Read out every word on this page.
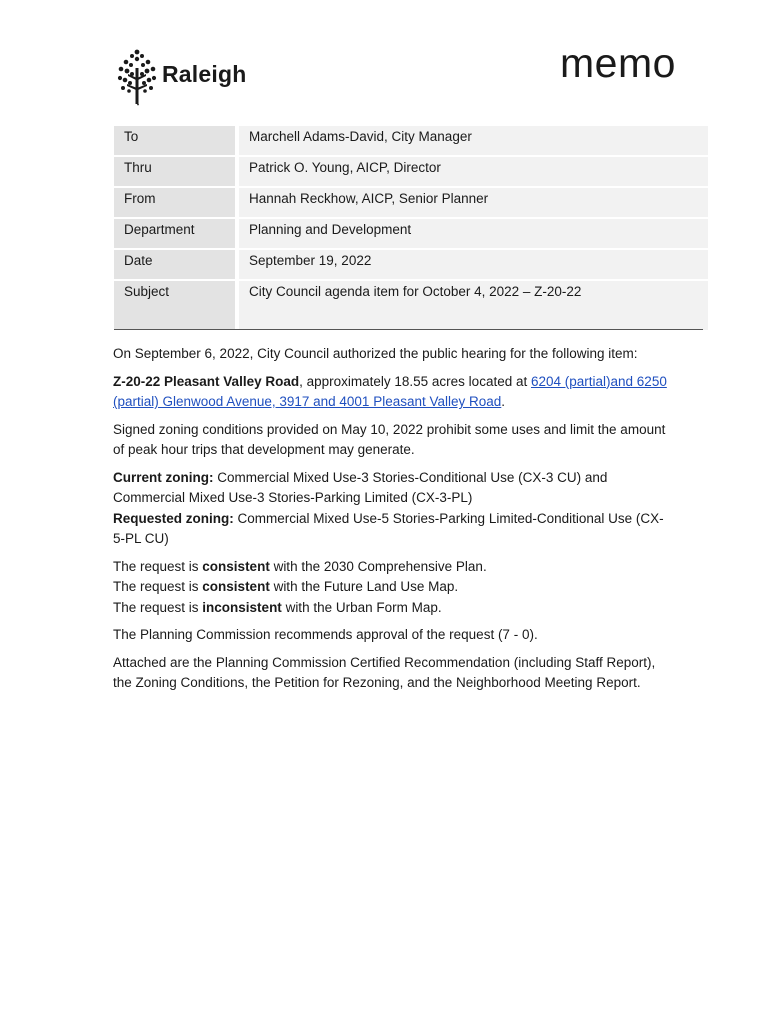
Raleigh	memo
To	Marchell Adams-David, City Manager
Thru	Patrick O. Young, AICP, Director
From	Hannah Reckhow, AICP, Senior Planner
Department	Planning and Development
Date	September 19, 2022
Subject	City Council agenda item for October 4, 2022 – Z-20-22

On September 6, 2022, City Council authorized the public hearing for the following item:

Z-20-22 Pleasant Valley Road, approximately 18.55 acres located at 6204 (partial)and 6250 (partial) Glenwood Avenue, 3917 and 4001 Pleasant Valley Road.

Signed zoning conditions provided on May 10, 2022 prohibit some uses and limit the amount of peak hour trips that development may generate.

Current zoning: Commercial Mixed Use-3 Stories-Conditional Use (CX-3 CU) and Commercial Mixed Use-3 Stories-Parking Limited (CX-3-PL)
Requested zoning: Commercial Mixed Use-5 Stories-Parking Limited-Conditional Use (CX-5-PL CU)

The request is consistent with the 2030 Comprehensive Plan.
The request is consistent with the Future Land Use Map.
The request is inconsistent with the Urban Form Map.

The Planning Commission recommends approval of the request (7 - 0).

Attached are the Planning Commission Certified Recommendation (including Staff Report), the Zoning Conditions, the Petition for Rezoning, and the Neighborhood Meeting Report.
